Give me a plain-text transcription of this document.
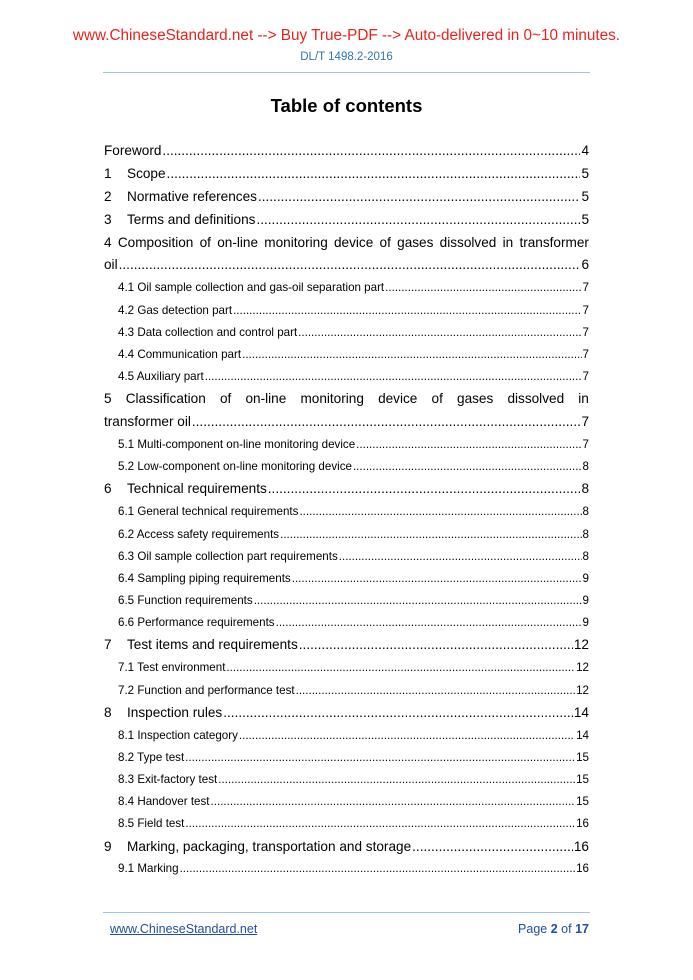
www.ChineseStandard.net --> Buy True-PDF --> Auto-delivered in 0~10 minutes.
DL/T 1498.2-2016
Table of contents
Foreword .....	4
1	Scope .....	5
2	Normative references .....	5
3	Terms and definitions .....	5
4 Composition of on-line monitoring device of gases dissolved in transformer
oil .....	6
4.1 Oil sample collection and gas-oil separation part .....	7
4.2 Gas detection part .....	7
4.3 Data collection and control part .....	7
4.4 Communication part .....	7
4.5 Auxiliary part .....	7
5 Classification of on-line monitoring device of gases dissolved in
transformer oil .....	7
5.1 Multi-component on-line monitoring device .....	7
5.2 Low-component on-line monitoring device .....	8
6	Technical requirements .....	8
6.1 General technical requirements .....	8
6.2 Access safety requirements .....	8
6.3 Oil sample collection part requirements .....	8
6.4 Sampling piping requirements .....	9
6.5 Function requirements .....	9
6.6 Performance requirements .....	9
7	Test items and requirements .....	12
7.1 Test environment .....	12
7.2 Function and performance test .....	12
8	Inspection rules .....	14
8.1 Inspection category .....	14
8.2 Type test .....	15
8.3 Exit-factory test .....	15
8.4 Handover test .....	15
8.5 Field test .....	16
9	Marking, packaging, transportation and storage .....	16
9.1 Marking .....	16
www.ChineseStandard.net	Page 2 of 17
